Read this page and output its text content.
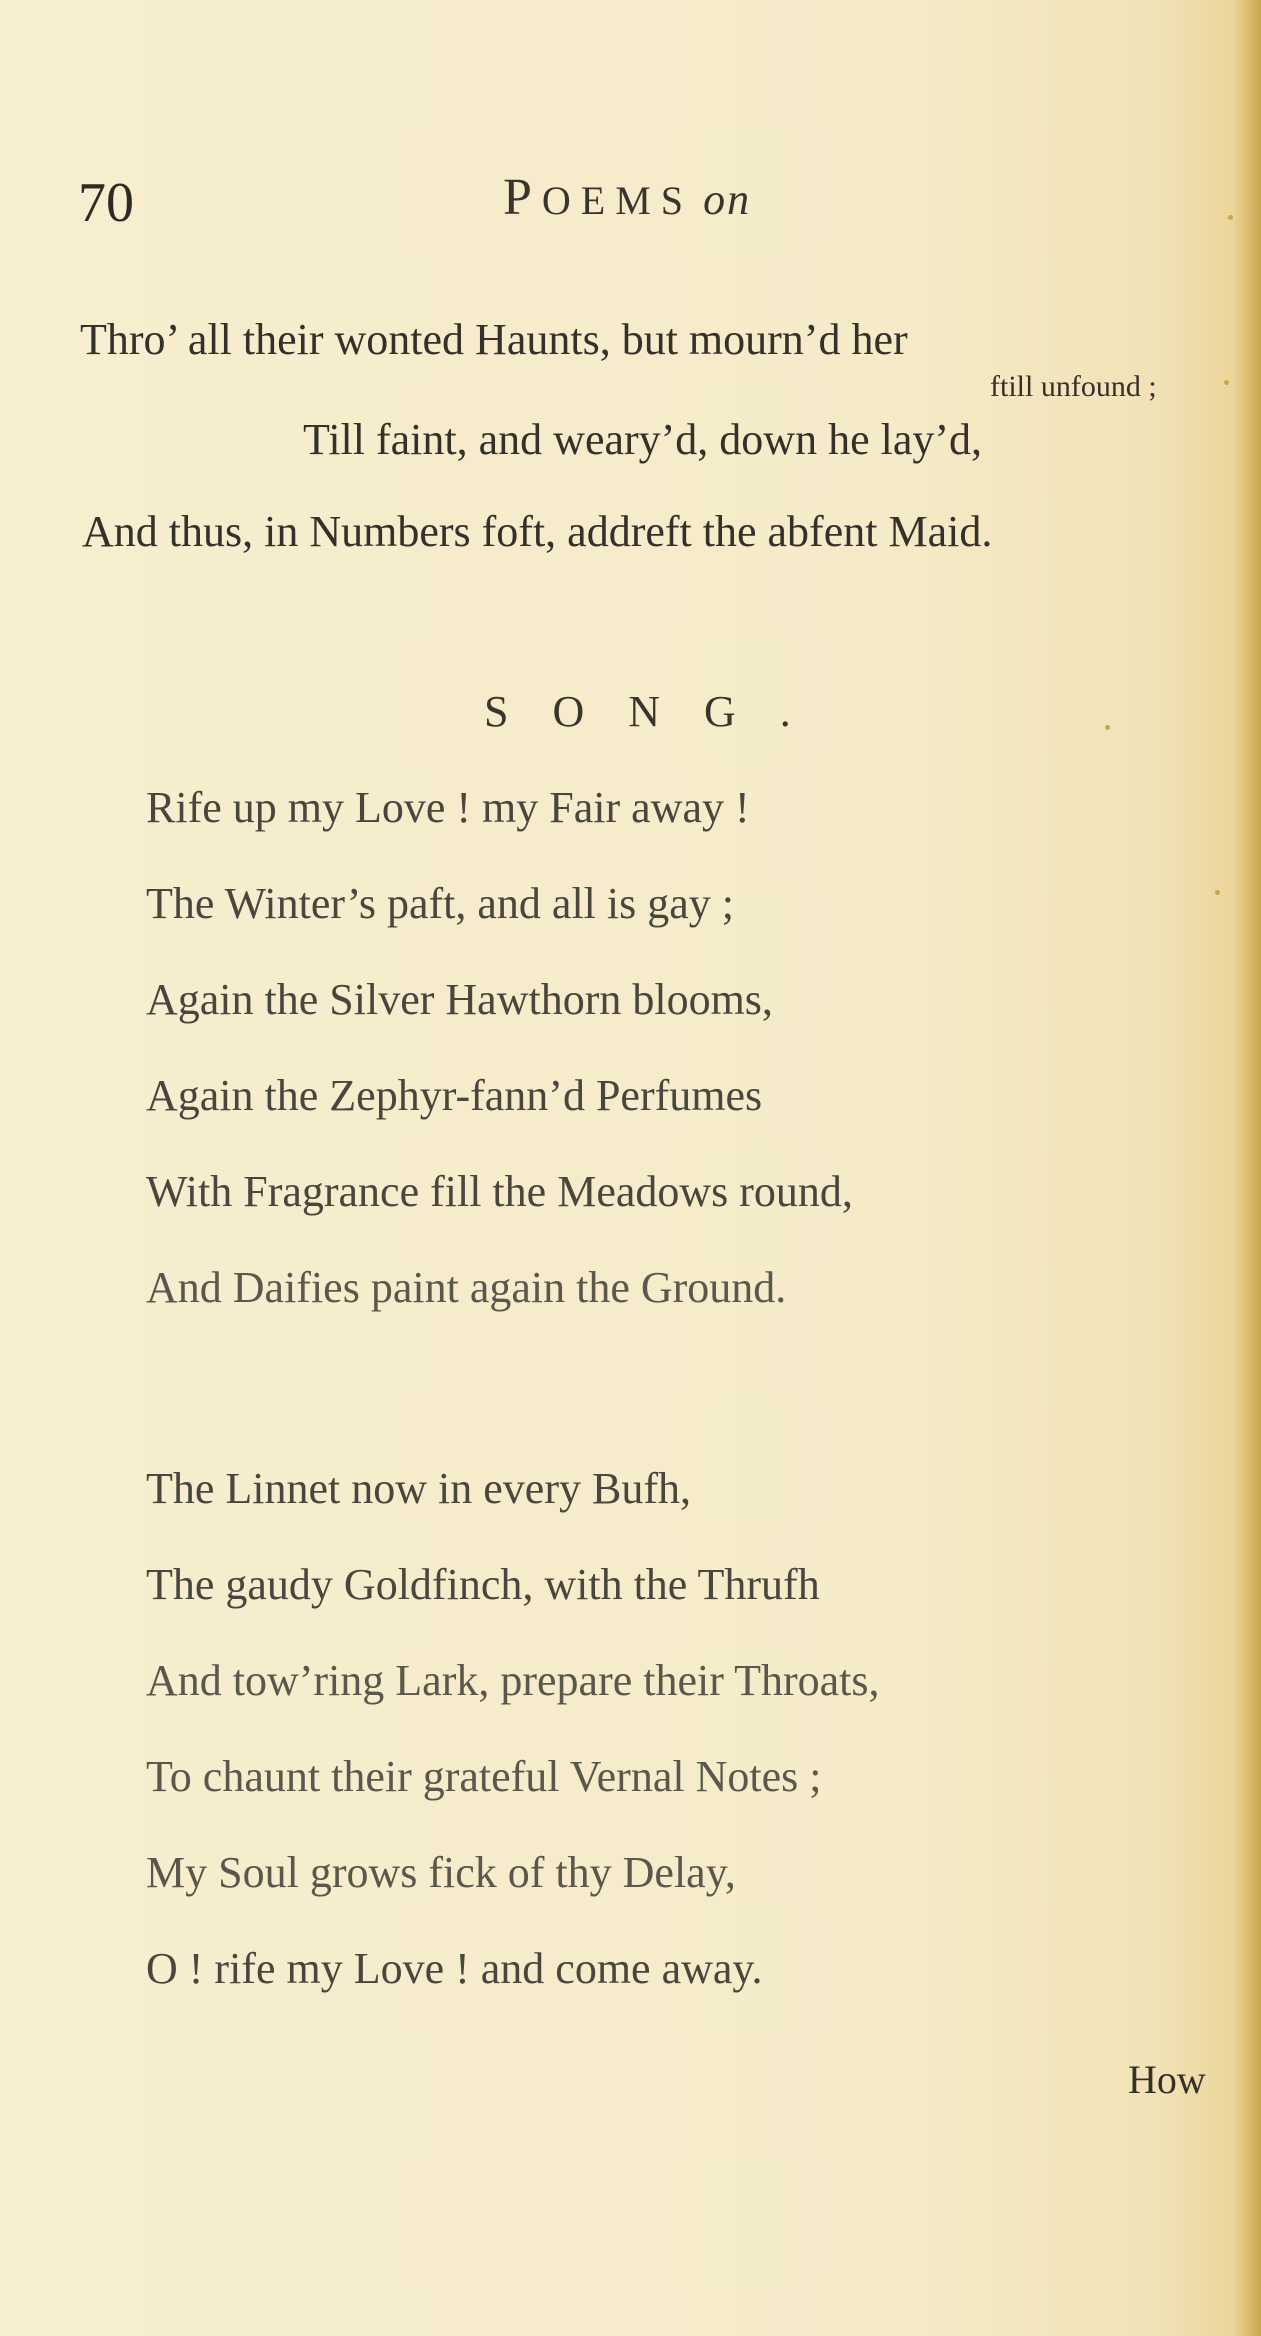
70	POEMS on
Thro’ all their wonted Haunts, but mourn’d her
ftill unfound ;
Till faint, and weary’d, down he lay’d,
And thus, in Numbers foft, addreft the abfent Maid.
SONG.
Rife up my Love ! my Fair away !
The Winter’s paft, and all is gay ;
Again the Silver Hawthorn blooms,
Again the Zephyr-fann’d Perfumes
With Fragrance fill the Meadows round,
And Daifies paint again the Ground.
The Linnet now in every Bufh,
The gaudy Goldfinch, with the Thrufh
And tow’ring Lark, prepare their Throats,
To chaunt their grateful Vernal Notes ;
My Soul grows fick of thy Delay,
O ! rife my Love ! and come away.
How
